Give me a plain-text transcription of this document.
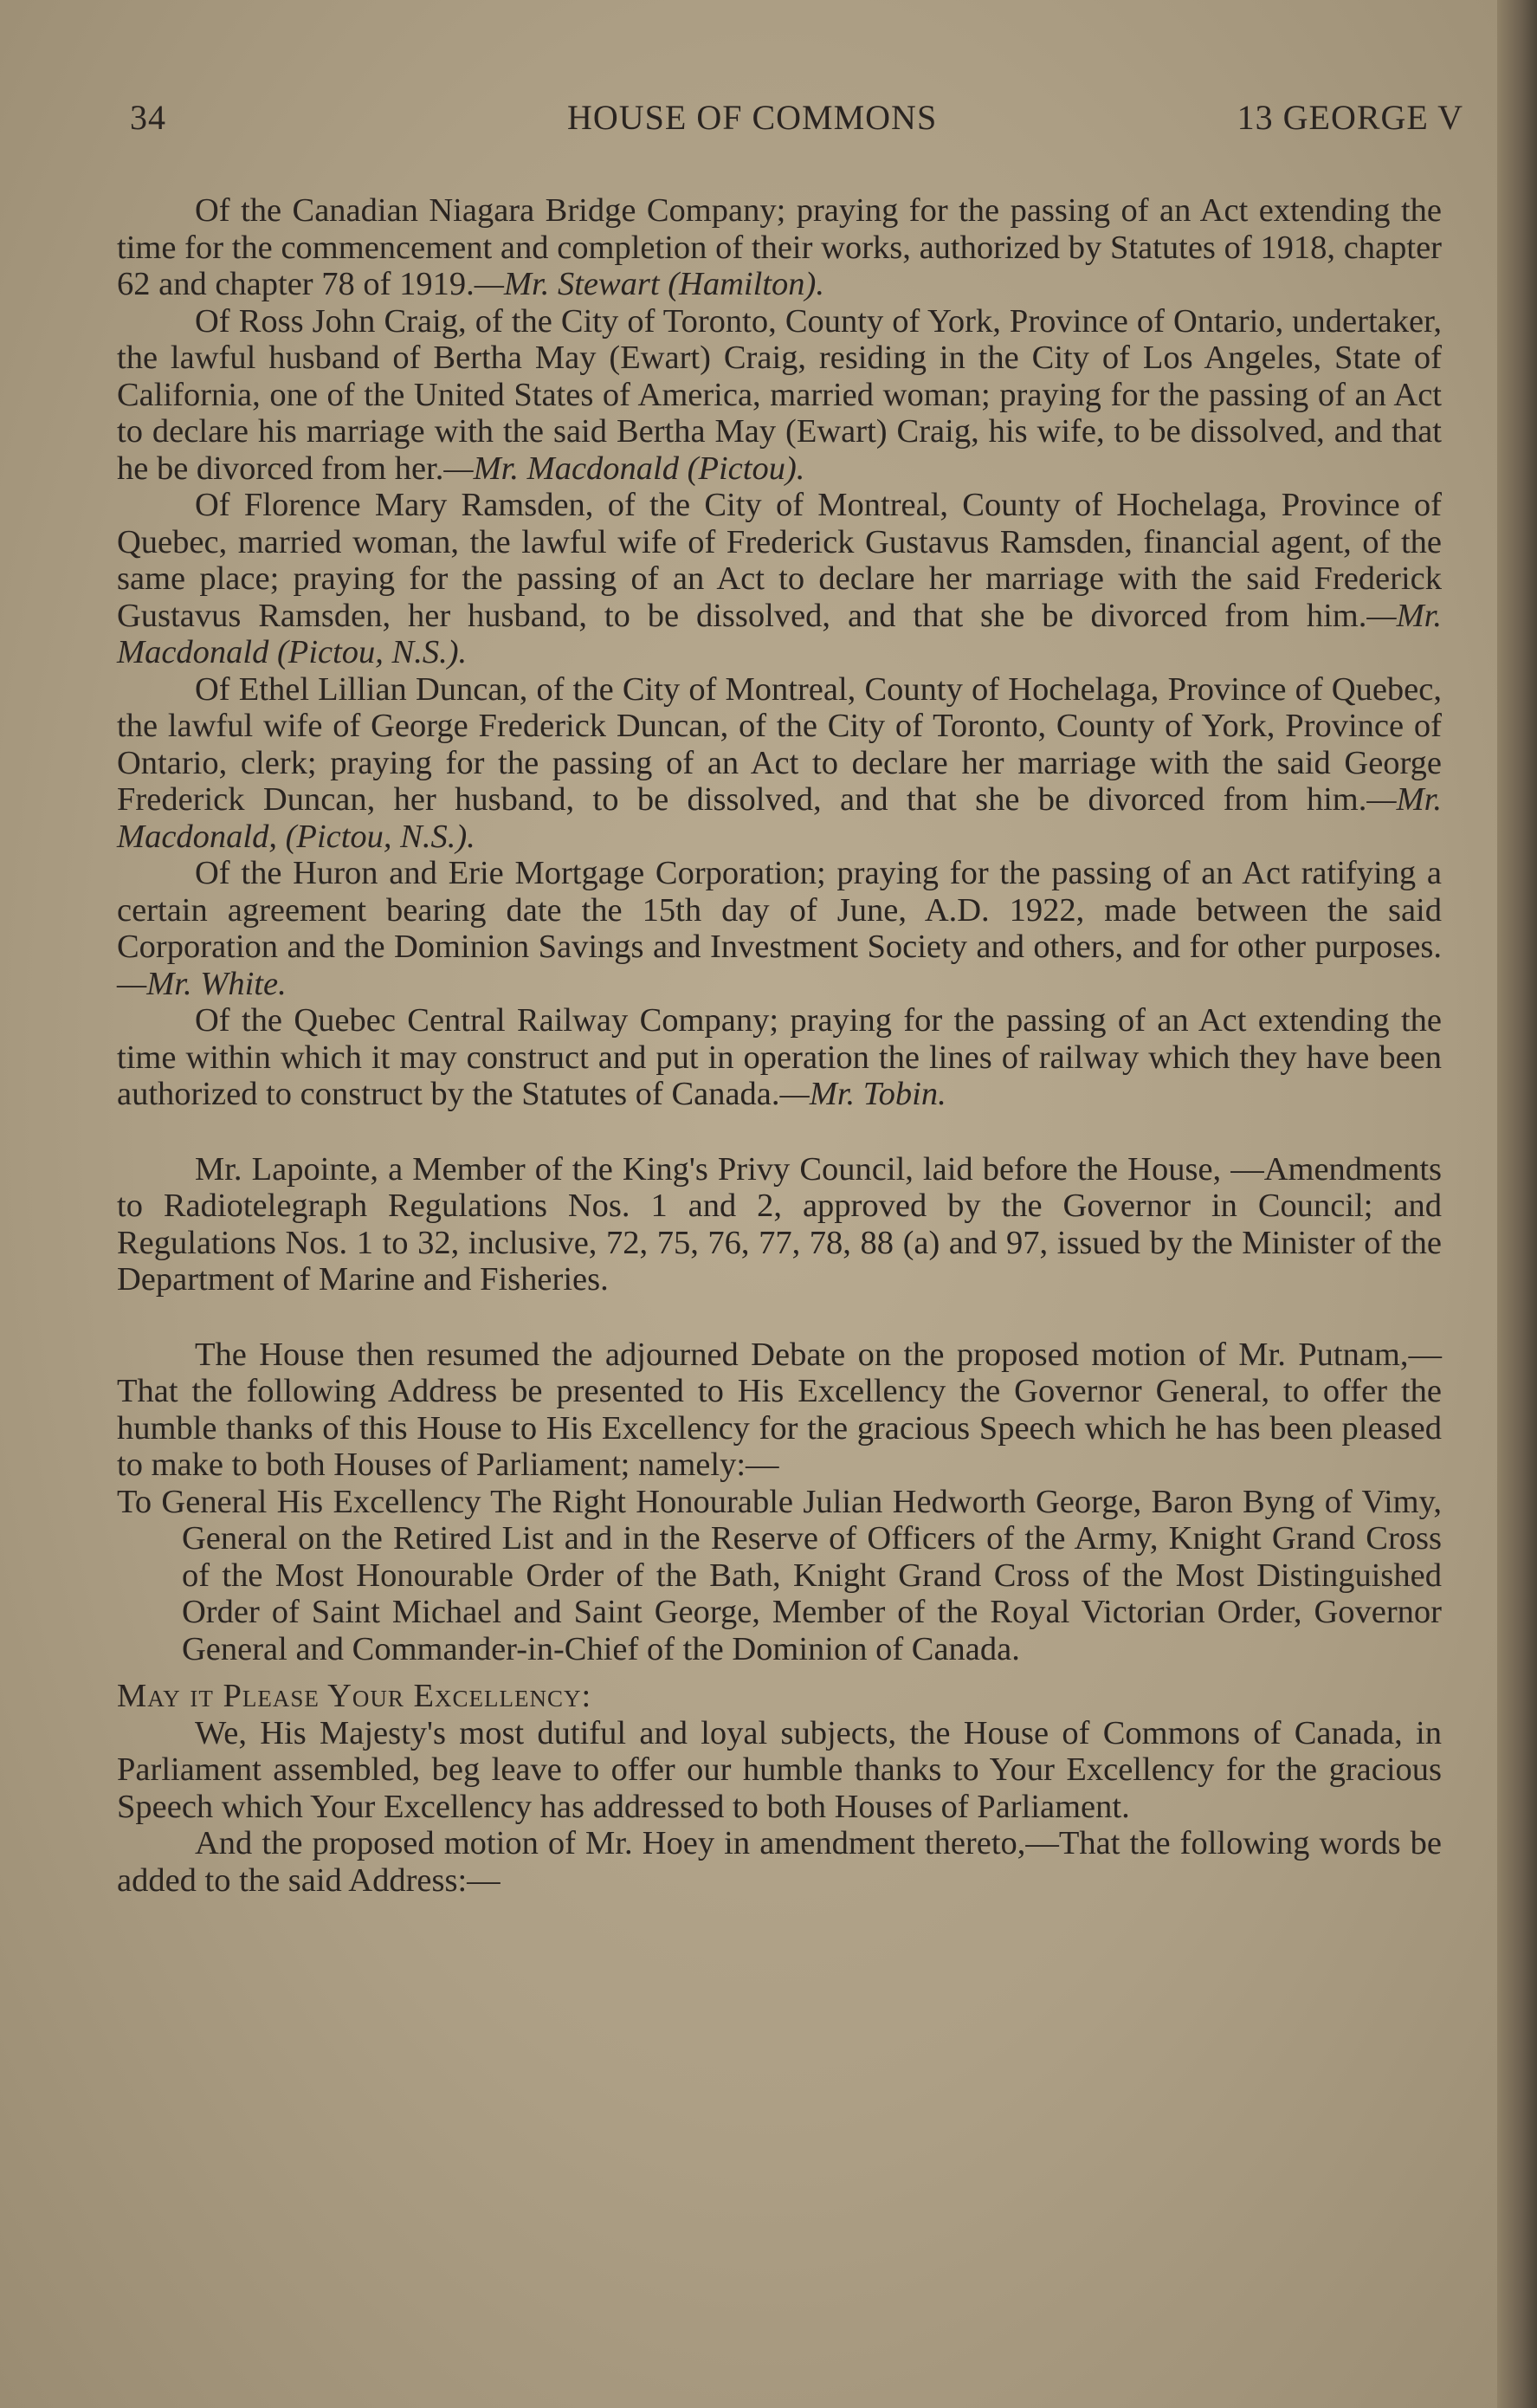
34	HOUSE OF COMMONS	13 GEORGE V

Of the Canadian Niagara Bridge Company; praying for the passing of an Act extending the time for the commencement and completion of their works, authorized by Statutes of 1918, chapter 62 and chapter 78 of 1919.—Mr. Stewart (Hamilton).

Of Ross John Craig, of the City of Toronto, County of York, Province of Ontario, undertaker, the lawful husband of Bertha May (Ewart) Craig, residing in the City of Los Angeles, State of California, one of the United States of America, married woman; praying for the passing of an Act to declare his marriage with the said Bertha May (Ewart) Craig, his wife, to be dissolved, and that he be divorced from her.—Mr. Macdonald (Pictou).

Of Florence Mary Ramsden, of the City of Montreal, County of Hochelaga, Province of Quebec, married woman, the lawful wife of Frederick Gustavus Ramsden, financial agent, of the same place; praying for the passing of an Act to declare her marriage with the said Frederick Gustavus Ramsden, her husband, to be dissolved, and that she be divorced from him.—Mr. Macdonald (Pictou, N.S.).

Of Ethel Lillian Duncan, of the City of Montreal, County of Hochelaga, Province of Quebec, the lawful wife of George Frederick Duncan, of the City of Toronto, County of York, Province of Ontario, clerk; praying for the passing of an Act to declare her marriage with the said George Frederick Duncan, her husband, to be dissolved, and that she be divorced from him.—Mr. Macdonald, (Pictou, N.S.).

Of the Huron and Erie Mortgage Corporation; praying for the passing of an Act ratifying a certain agreement bearing date the 15th day of June, A.D. 1922, made between the said Corporation and the Dominion Savings and Investment Society and others, and for other purposes.—Mr. White.

Of the Quebec Central Railway Company; praying for the passing of an Act extending the time within which it may construct and put in operation the lines of railway which they have been authorized to construct by the Statutes of Canada.—Mr. Tobin.

Mr. Lapointe, a Member of the King's Privy Council, laid before the House, —Amendments to Radiotelegraph Regulations Nos. 1 and 2, approved by the Governor in Council; and Regulations Nos. 1 to 32, inclusive, 72, 75, 76, 77, 78, 88 (a) and 97, issued by the Minister of the Department of Marine and Fisheries.

The House then resumed the adjourned Debate on the proposed motion of Mr. Putnam,—That the following Address be presented to His Excellency the Governor General, to offer the humble thanks of this House to His Excellency for the gracious Speech which he has been pleased to make to both Houses of Parliament; namely:—

To General His Excellency The Right Honourable Julian Hedworth George, Baron Byng of Vimy, General on the Retired List and in the Reserve of Officers of the Army, Knight Grand Cross of the Most Honourable Order of the Bath, Knight Grand Cross of the Most Distinguished Order of Saint Michael and Saint George, Member of the Royal Victorian Order, Governor General and Commander-in-Chief of the Dominion of Canada.

May it Please Your Excellency:

We, His Majesty's most dutiful and loyal subjects, the House of Commons of Canada, in Parliament assembled, beg leave to offer our humble thanks to Your Excellency for the gracious Speech which Your Excellency has addressed to both Houses of Parliament.

And the proposed motion of Mr. Hoey in amendment thereto,—That the following words be added to the said Address:—
